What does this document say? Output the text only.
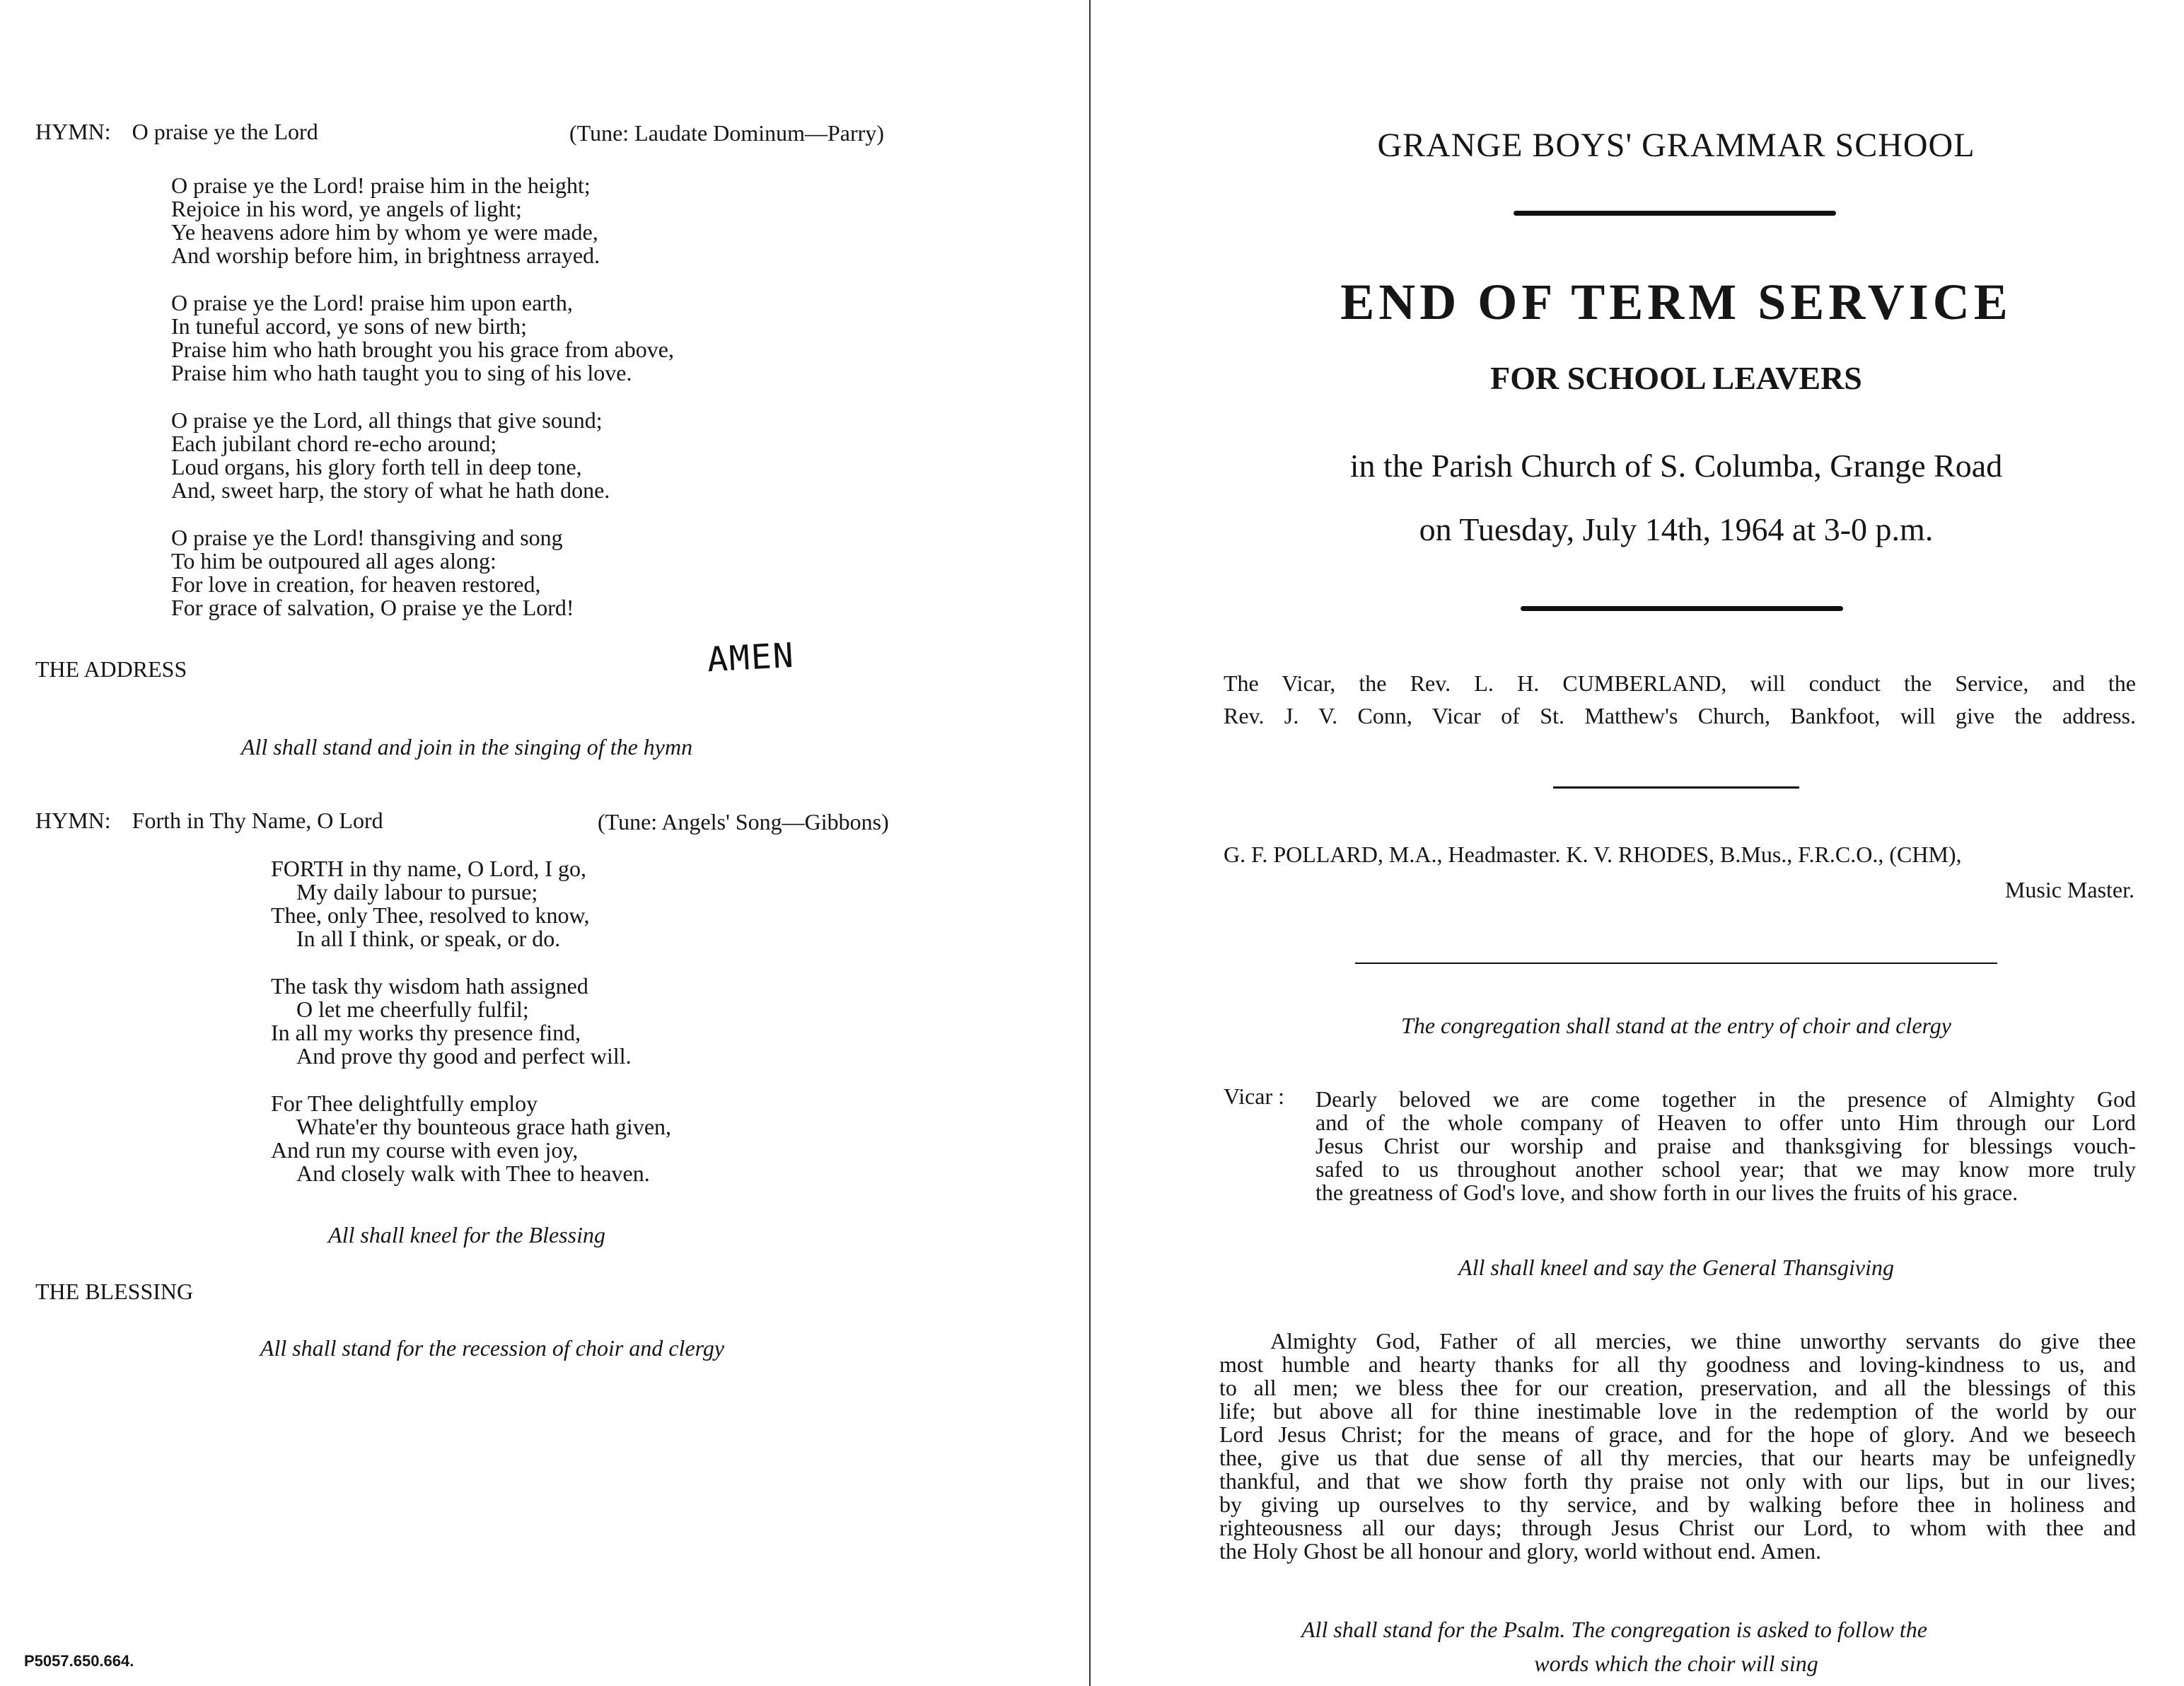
HYMN: O praise ye the Lord	(Tune: Laudate Dominum—Parry)
O praise ye the Lord! praise him in the height;
Rejoice in his word, ye angels of light;
Ye heavens adore him by whom ye were made,
And worship before him, in brightness arrayed.
O praise ye the Lord! praise him upon earth,
In tuneful accord, ye sons of new birth;
Praise him who hath brought you his grace from above,
Praise him who hath taught you to sing of his love.
O praise ye the Lord, all things that give sound;
Each jubilant chord re-echo around;
Loud organs, his glory forth tell in deep tone,
And, sweet harp, the story of what he hath done.
O praise ye the Lord! thansgiving and song
To him be outpoured all ages along:
For love in creation, for heaven restored,
For grace of salvation, O praise ye the Lord!
AMEN
THE ADDRESS
All shall stand and join in the singing of the hymn
HYMN: Forth in Thy Name, O Lord	(Tune: Angels' Song—Gibbons)
FORTH in thy name, O Lord, I go,
My daily labour to pursue;
Thee, only Thee, resolved to know,
In all I think, or speak, or do.
The task thy wisdom hath assigned
O let me cheerfully fulfil;
In all my works thy presence find,
And prove thy good and perfect will.
For Thee delightfully employ
Whate'er thy bounteous grace hath given,
And run my course with even joy,
And closely walk with Thee to heaven.
All shall kneel for the Blessing
THE BLESSING
All shall stand for the recession of choir and clergy
P5057.650.664.
GRANGE BOYS' GRAMMAR SCHOOL
END OF TERM SERVICE
FOR SCHOOL LEAVERS
in the Parish Church of S. Columba, Grange Road
on Tuesday, July 14th, 1964 at 3-0 p.m.
The Vicar, the Rev. L. H. CUMBERLAND, will conduct the Service, and the
Rev. J. V. Conn, Vicar of St. Matthew's Church, Bankfoot, will give the address.
G. F. POLLARD, M.A., Headmaster. K. V. RHODES, B.Mus., F.R.C.O., (CHM),
Music Master.
The congregation shall stand at the entry of choir and clergy
Vicar : Dearly beloved we are come together in the presence of Almighty God
and of the whole company of Heaven to offer unto Him through our Lord
Jesus Christ our worship and praise and thanksgiving for blessings vouch-
safed to us throughout another school year; that we may know more truly
the greatness of God's love, and show forth in our lives the fruits of his grace.
All shall kneel and say the General Thansgiving
Almighty God, Father of all mercies, we thine unworthy servants do give thee
most humble and hearty thanks for all thy goodness and loving-kindness to us, and
to all men; we bless thee for our creation, preservation, and all the blessings of this
life; but above all for thine inestimable love in the redemption of the world by our
Lord Jesus Christ; for the means of grace, and for the hope of glory. And we beseech
thee, give us that due sense of all thy mercies, that our hearts may be unfeignedly
thankful, and that we show forth thy praise not only with our lips, but in our lives;
by giving up ourselves to thy service, and by walking before thee in holiness and
righteousness all our days; through Jesus Christ our Lord, to whom with thee and
the Holy Ghost be all honour and glory, world without end. Amen.
All shall stand for the Psalm. The congregation is asked to follow the
words which the choir will sing
